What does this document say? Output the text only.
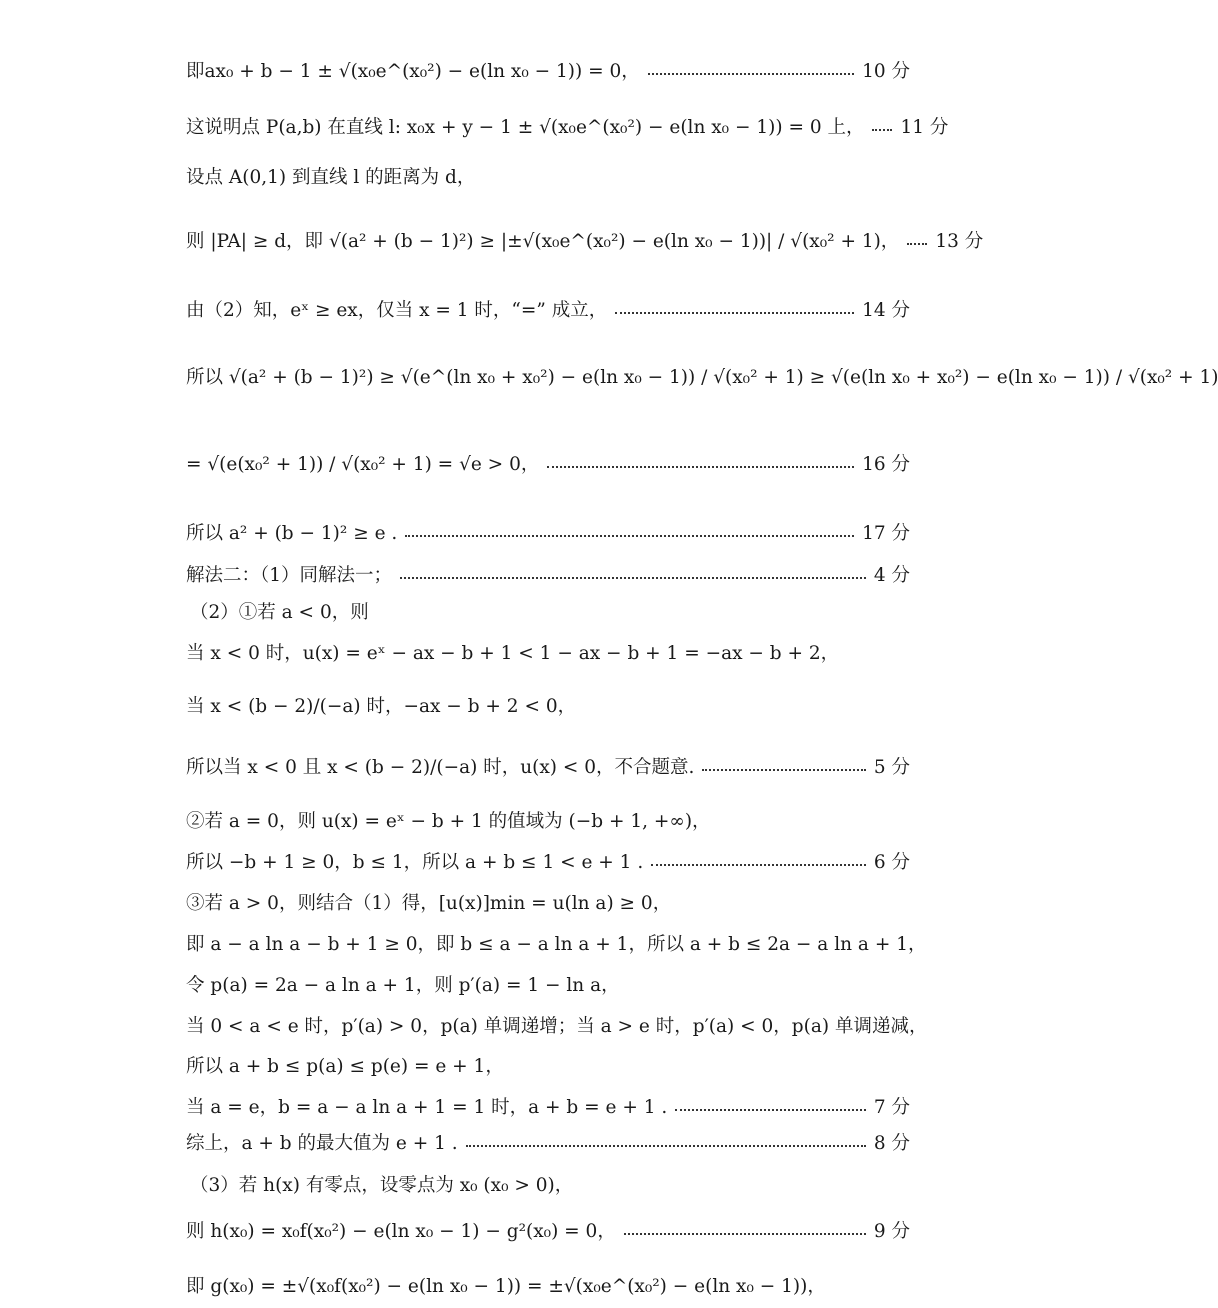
即ax₀ + b − 1 ± √(x₀e^(x₀²) − e(ln x₀ − 1)) = 0，	10 分
这说明点 P(a,b) 在直线 l: x₀x + y − 1 ± √(x₀e^(x₀²) − e(ln x₀ − 1)) = 0 上， 11 分
设点 A(0,1) 到直线 l 的距离为 d，
则 |PA| ≥ d，即 √(a² + (b − 1)²) ≥ |±√(x₀e^(x₀²) − e(ln x₀ − 1))| / √(x₀² + 1)， 13 分
由（2）知，eˣ ≥ ex，仅当 x = 1 时，“=” 成立，	14 分
所以 √(a² + (b − 1)²) ≥ √(e^(ln x₀ + x₀²) − e(ln x₀ − 1)) / √(x₀² + 1) ≥ √(e(ln x₀ + x₀²) − e(ln x₀ − 1)) / √(x₀² + 1)
= √(e(x₀² + 1)) / √(x₀² + 1) = √e > 0，	16 分
所以 a² + (b − 1)² ≥ e .	17 分
解法二：（1）同解法一；	4 分
（2）①若 a < 0，则
当 x < 0 时，u(x) = eˣ − ax − b + 1 < 1 − ax − b + 1 = −ax − b + 2，
当 x < (b − 2)/(−a) 时，−ax − b + 2 < 0，
所以当 x < 0 且 x < (b − 2)/(−a) 时，u(x) < 0，不合题意.	5 分
②若 a = 0，则 u(x) = eˣ − b + 1 的值域为 (−b + 1, +∞)，
所以 −b + 1 ≥ 0，b ≤ 1，所以 a + b ≤ 1 < e + 1 .	6 分
③若 a > 0，则结合（1）得，[u(x)]min = u(ln a) ≥ 0，
即 a − a ln a − b + 1 ≥ 0，即 b ≤ a − a ln a + 1，所以 a + b ≤ 2a − a ln a + 1，
令 p(a) = 2a − a ln a + 1，则 p′(a) = 1 − ln a，
当 0 < a < e 时，p′(a) > 0，p(a) 单调递增；当 a > e 时，p′(a) < 0，p(a) 单调递减，
所以 a + b ≤ p(a) ≤ p(e) = e + 1，
当 a = e，b = a − a ln a + 1 = 1 时，a + b = e + 1 .	7 分
综上，a + b 的最大值为 e + 1 .	8 分
（3）若 h(x) 有零点，设零点为 x₀ (x₀ > 0)，
则 h(x₀) = x₀f(x₀²) − e(ln x₀ − 1) − g²(x₀) = 0，	9 分
即 g(x₀) = ±√(x₀f(x₀²) − e(ln x₀ − 1)) = ±√(x₀e^(x₀²) − e(ln x₀ − 1))，
